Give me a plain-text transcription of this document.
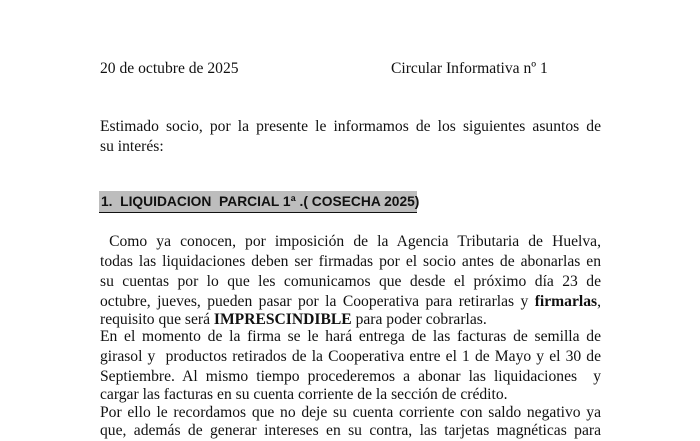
20 de octubre de 2025	Circular Informativa nº 1
Estimado socio, por la presente le informamos de los siguientes asuntos de
su interés:
1.  LIQUIDACION  PARCIAL 1ª .( COSECHA 2025)
Como ya conocen, por imposición de la Agencia Tributaria de Huelva,
todas las liquidaciones deben ser firmadas por el socio antes de abonarlas en
su cuentas por lo que les comunicamos que desde el próximo día 23 de
octubre, jueves, pueden pasar por la Cooperativa para retirarlas y firmarlas,
requisito que será IMPRESCINDIBLE para poder cobrarlas.
En el momento de la firma se le hará entrega de las facturas de semilla de
girasol y  productos retirados de la Cooperativa entre el 1 de Mayo y el 30 de
Septiembre. Al mismo tiempo procederemos a abonar las liquidaciones  y
cargar las facturas en su cuenta corriente de la sección de crédito.
Por ello le recordamos que no deje su cuenta corriente con saldo negativo ya
que, además de generar intereses en su contra, las tarjetas magnéticas para
